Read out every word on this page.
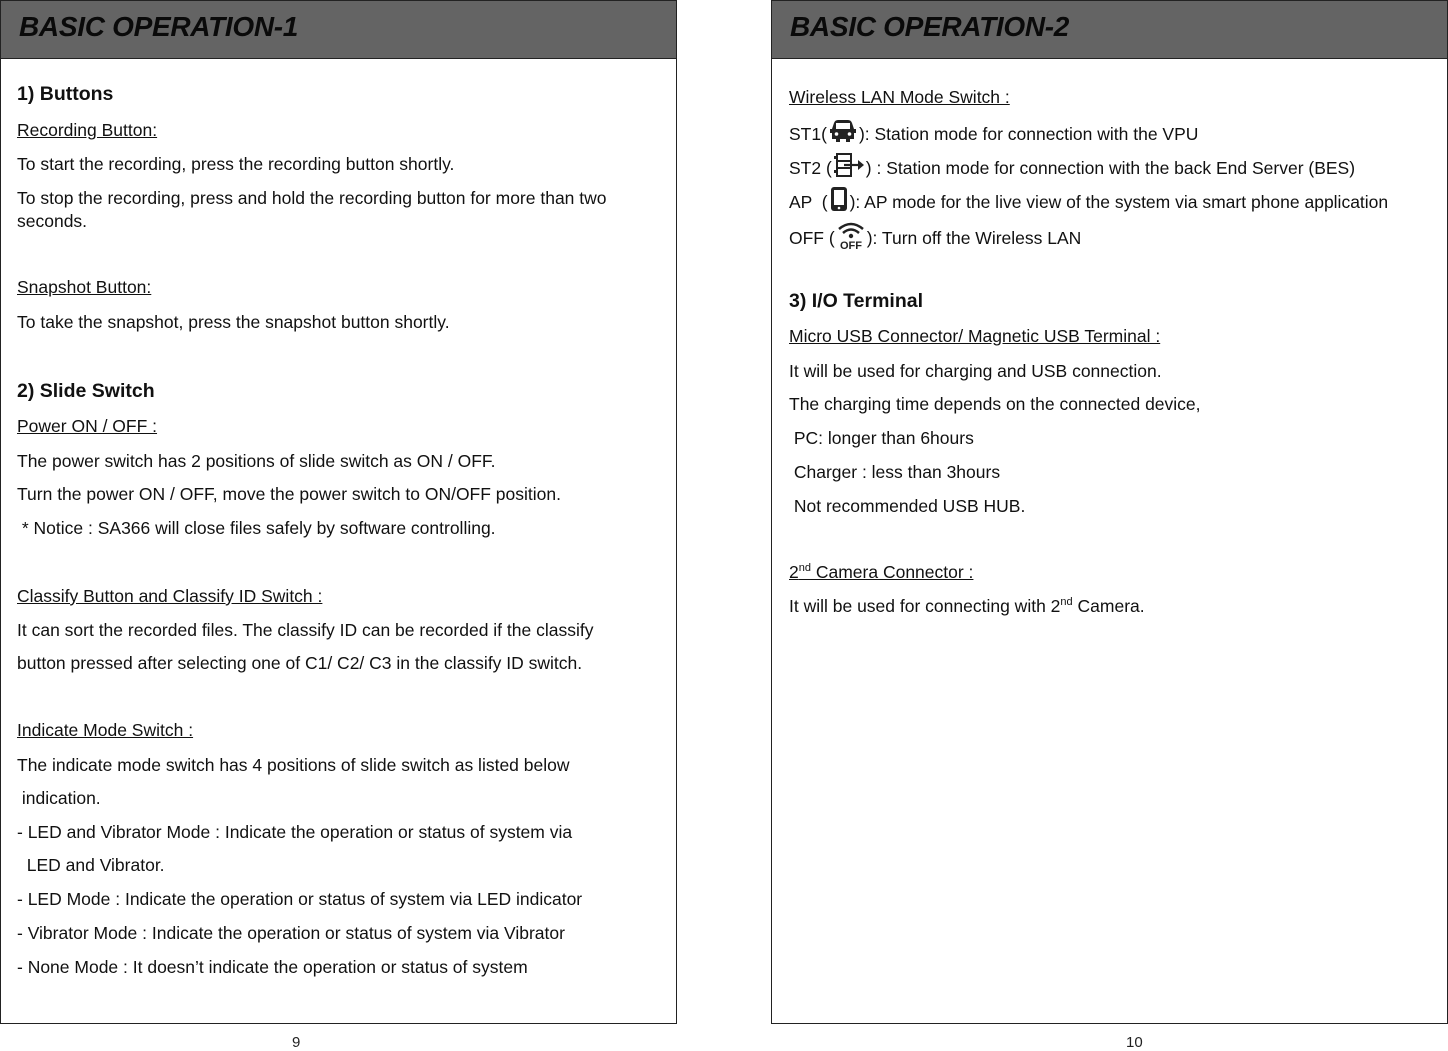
BASIC OPERATION-1
1) Buttons
Recording Button:
To start the recording, press the recording button shortly.
To stop the recording, press and hold the recording button for more than two
seconds.
Snapshot Button:
To take the snapshot, press the snapshot button shortly.
2) Slide Switch
Power ON / OFF :
The power switch has 2 positions of slide switch as ON / OFF.
Turn the power ON / OFF, move the power switch to ON/OFF position.
* Notice : SA366 will close files safely by software controlling.
Classify Button and Classify ID Switch :
It can sort the recorded files. The classify ID can be recorded if the classify
button pressed after selecting one of C1/ C2/ C3 in the classify ID switch.
Indicate Mode Switch :
The indicate mode switch has 4 positions of slide switch as listed below
indication.
- LED and Vibrator Mode : Indicate the operation or status of system via
LED and Vibrator.
- LED Mode : Indicate the operation or status of system via LED indicator
- Vibrator Mode : Indicate the operation or status of system via Vibrator
- None Mode : It doesn’t indicate the operation or status of system
9
BASIC OPERATION-2
Wireless LAN Mode Switch :
ST1( ): Station mode for connection with the VPU
ST2 ( ) : Station mode for connection with the back End Server (BES)
AP  ( ): AP mode for the live view of the system via smart phone application
OFF ( OFF ): Turn off the Wireless LAN
3) I/O Terminal
Micro USB Connector/ Magnetic USB Terminal :
It will be used for charging and USB connection.
The charging time depends on the connected device,
PC: longer than 6hours
Charger : less than 3hours
Not recommended USB HUB.
2nd Camera Connector :
It will be used for connecting with 2nd Camera.
10
